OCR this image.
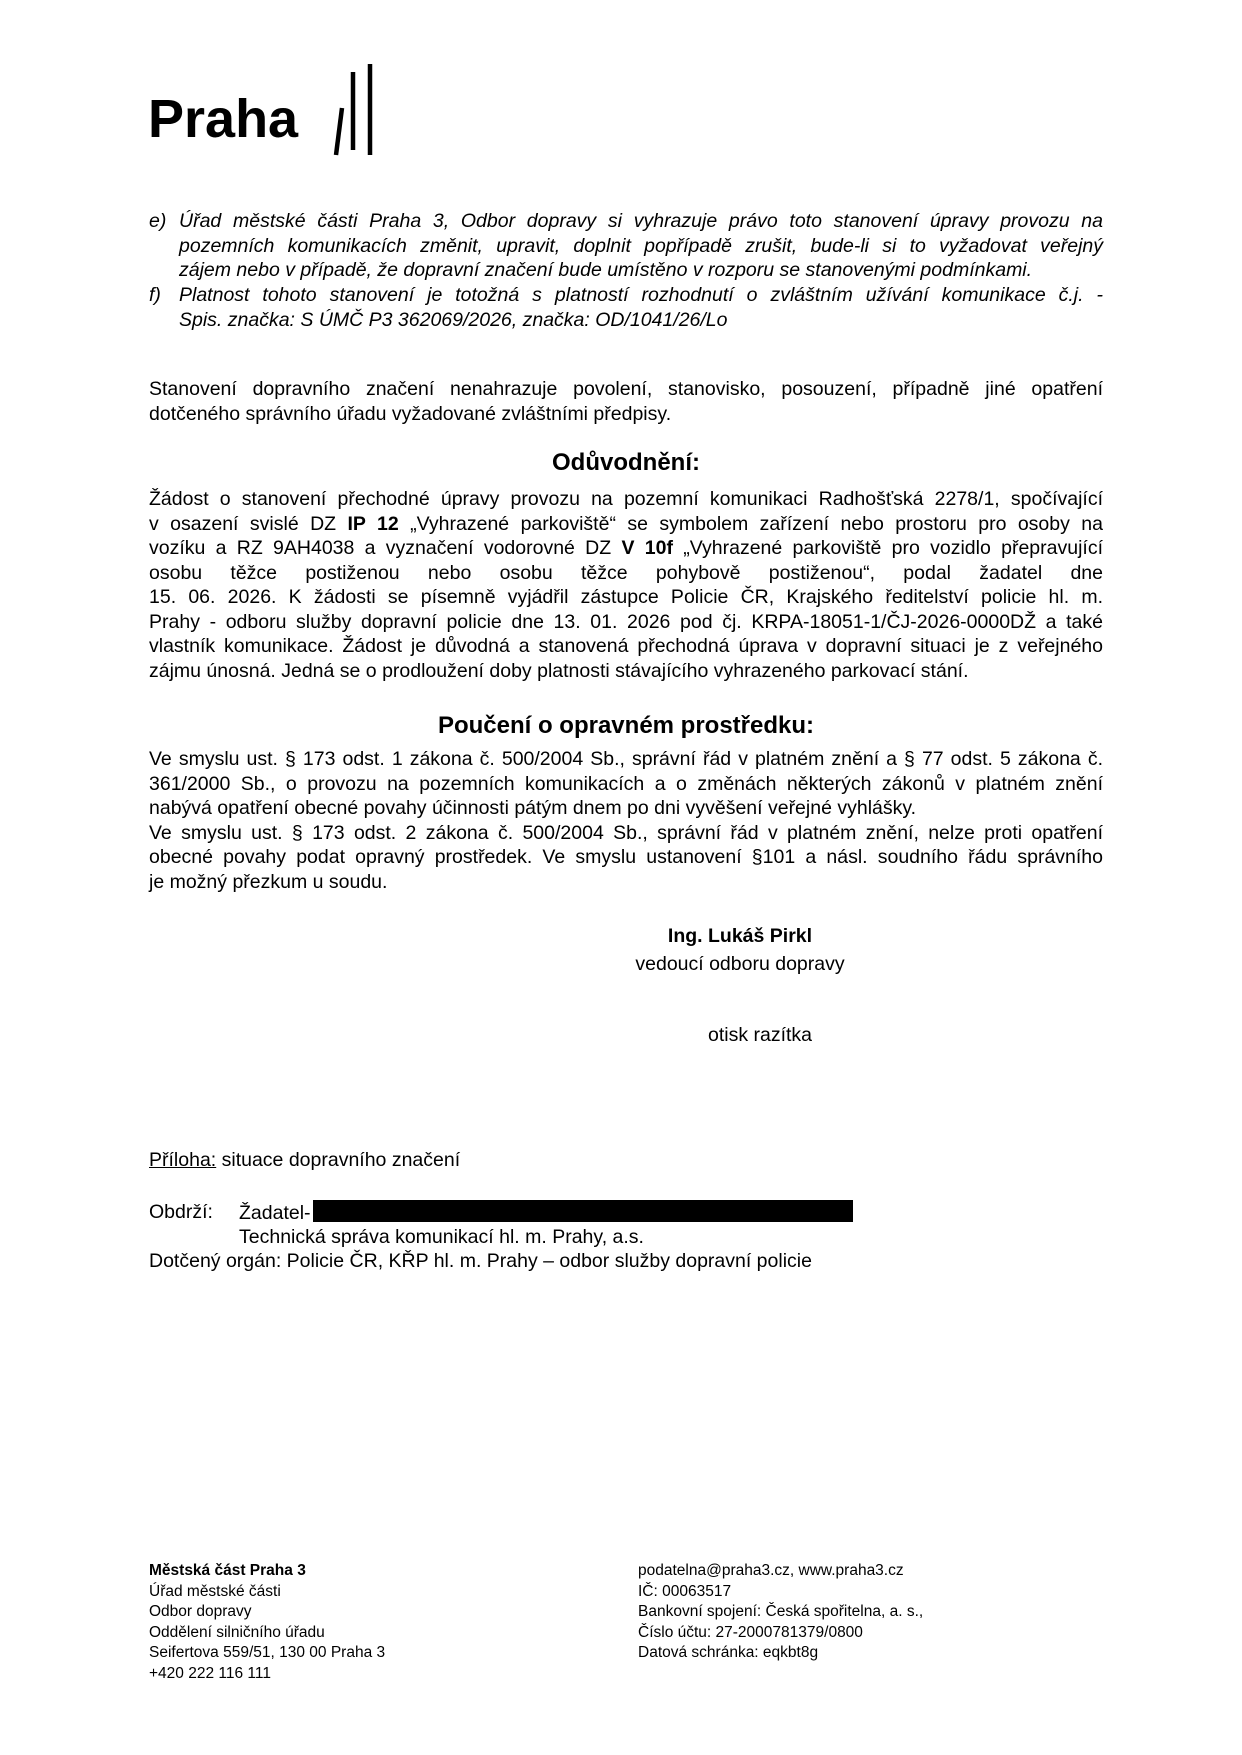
Praha
e) Úřad městské části Praha 3, Odbor dopravy si vyhrazuje právo toto stanovení úpravy provozu na
pozemních komunikacích změnit, upravit, doplnit popřípadě zrušit, bude-li si to vyžadovat veřejný
zájem nebo v případě, že dopravní značení bude umístěno v rozporu se stanovenými podmínkami.
f) Platnost tohoto stanovení je totožná s platností rozhodnutí o zvláštním užívání komunikace č.j. -
Spis. značka: S ÚMČ P3 362069/2026, značka: OD/1041/26/Lo
Stanovení dopravního značení nenahrazuje povolení, stanovisko, posouzení, případně jiné opatření
dotčeného správního úřadu vyžadované zvláštními předpisy.
Odůvodnění:
Žádost o stanovení přechodné úpravy provozu na pozemní komunikaci Radhošťská 2278/1, spočívající
v osazení svislé DZ IP 12 „Vyhrazené parkoviště“ se symbolem zařízení nebo prostoru pro osoby na
vozíku a RZ 9AH4038 a vyznačení vodorovné DZ V 10f „Vyhrazené parkoviště pro vozidlo přepravující
osobu těžce postiženou nebo osobu těžce pohybově postiženou“, podal žadatel dne
15. 06. 2026. K žádosti se písemně vyjádřil zástupce Policie ČR, Krajského ředitelství policie hl. m.
Prahy - odboru služby dopravní policie dne 13. 01. 2026 pod čj. KRPA-18051-1/ČJ-2026-0000DŽ a také
vlastník komunikace. Žádost je důvodná a stanovená přechodná úprava v dopravní situaci je z veřejného
zájmu únosná. Jedná se o prodloužení doby platnosti stávajícího vyhrazeného parkovací stání.
Poučení o opravném prostředku:
Ve smyslu ust. § 173 odst. 1 zákona č. 500/2004 Sb., správní řád v platném znění a § 77 odst. 5 zákona č.
361/2000 Sb., o provozu na pozemních komunikacích a o změnách některých zákonů v platném znění
nabývá opatření obecné povahy účinnosti pátým dnem po dni vyvěšení veřejné vyhlášky.
Ve smyslu ust. § 173 odst. 2 zákona č. 500/2004 Sb., správní řád v platném znění, nelze proti opatření
obecné povahy podat opravný prostředek. Ve smyslu ustanovení §101 a násl. soudního řádu správního
je možný přezkum u soudu.
Ing. Lukáš Pirkl
vedoucí odboru dopravy
otisk razítka
Příloha: situace dopravního značení
Obdrží: Žadatel-
Technická správa komunikací hl. m. Prahy, a.s.
Dotčený orgán: Policie ČR, KŘP hl. m. Prahy – odbor služby dopravní policie
Městská část Praha 3
Úřad městské části
Odbor dopravy
Oddělení silničního úřadu
Seifertova 559/51, 130 00 Praha 3
+420 222 116 111
podatelna@praha3.cz, www.praha3.cz
IČ: 00063517
Bankovní spojení: Česká spořitelna, a. s.,
Číslo účtu: 27-2000781379/0800
Datová schránka: eqkbt8g
